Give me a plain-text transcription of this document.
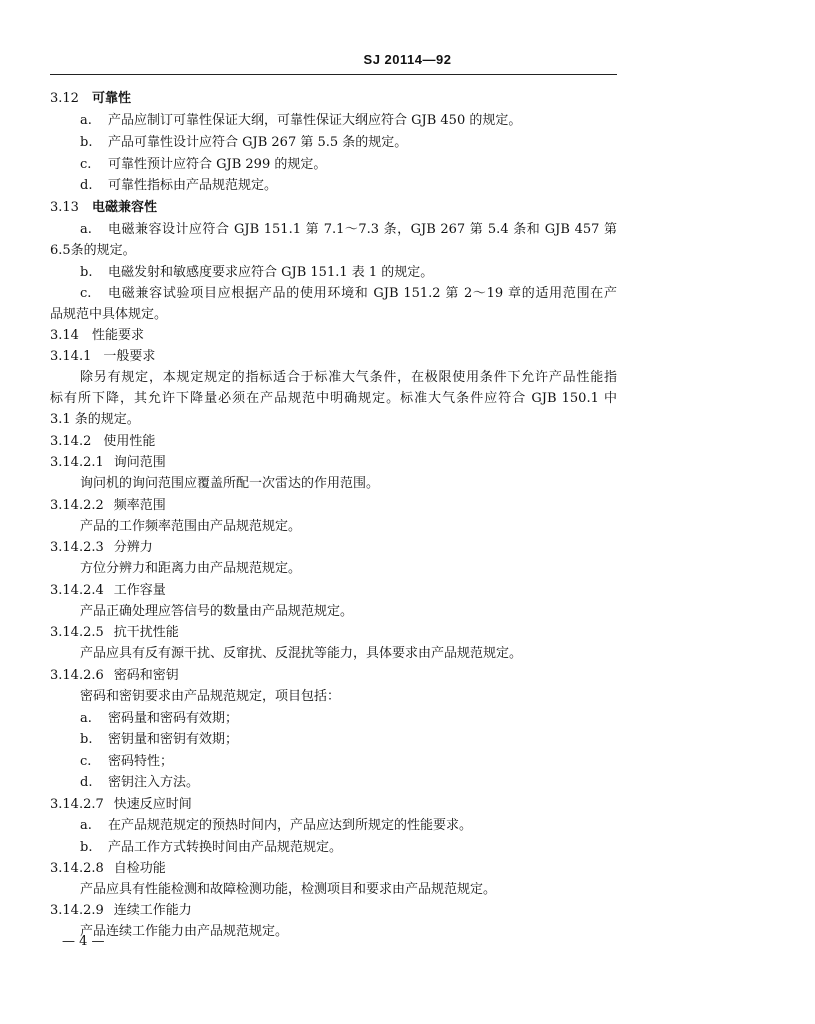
SJ 20114—92
3.12 可靠性
a. 产品应制订可靠性保证大纲，可靠性保证大纲应符合 GJB 450 的规定。
b. 产品可靠性设计应符合 GJB 267 第 5.5 条的规定。
c. 可靠性预计应符合 GJB 299 的规定。
d. 可靠性指标由产品规范规定。
3.13 电磁兼容性
a.	电磁兼容设计应符合 GJB 151.1 第 7.1～7.3 条，GJB 267 第 5.4 条和 GJB 457 第
6.5条的规定。
b. 电磁发射和敏感度要求应符合 GJB 151.1 表 1 的规定。
c.	电磁兼容试验项目应根据产品的使用环境和 GJB 151.2 第 2～19 章的适用范围在产
品规范中具体规定。
3.14 性能要求
3.14.1 一般要求
除另有规定，本规定规定的指标适合于标准大气条件，在极限使用条件下允许产品性能指
标有所下降，其允许下降量必须在产品规范中明确规定。标准大气条件应符合 GJB 150.1 中
3.1 条的规定。
3.14.2 使用性能
3.14.2.1 询问范围
询问机的询问范围应覆盖所配一次雷达的作用范围。
3.14.2.2 频率范围
产品的工作频率范围由产品规范规定。
3.14.2.3 分辨力
方位分辨力和距离力由产品规范规定。
3.14.2.4 工作容量
产品正确处理应答信号的数量由产品规范规定。
3.14.2.5 抗干扰性能
产品应具有反有源干扰、反窜扰、反混扰等能力，具体要求由产品规范规定。
3.14.2.6 密码和密钥
密码和密钥要求由产品规范规定，项目包括：
a. 密码量和密码有效期；
b. 密钥量和密钥有效期；
c. 密码特性；
d. 密钥注入方法。
3.14.2.7 快速反应时间
a. 在产品规范规定的预热时间内，产品应达到所规定的性能要求。
b. 产品工作方式转换时间由产品规范规定。
3.14.2.8 自检功能
产品应具有性能检测和故障检测功能，检测项目和要求由产品规范规定。
3.14.2.9 连续工作能力
产品连续工作能力由产品规范规定。
— 4 —
